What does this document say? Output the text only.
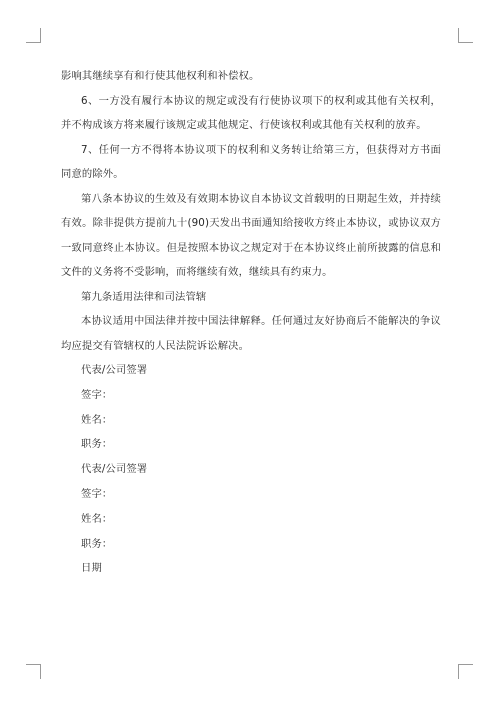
影响其继续享有和行使其他权利和补偿权。

6、一方没有履行本协议的规定或没有行使协议项下的权利或其他有关权利，并不构成该方将来履行该规定或其他规定、行使该权利或其他有关权利的放弃。

7、任何一方不得将本协议项下的权利和义务转让给第三方，但获得对方书面同意的除外。

第八条本协议的生效及有效期本协议自本协议文首载明的日期起生效，并持续有效。除非提供方提前九十(90)天发出书面通知给接收方终止本协议，或协议双方一致同意终止本协议。但是按照本协议之规定对于在本协议终止前所披露的信息和文件的义务将不受影响，而将继续有效，继续具有约束力。

第九条适用法律和司法管辖

本协议适用中国法律并按中国法律解释。任何通过友好协商后不能解决的争议均应提交有管辖权的人民法院诉讼解决。

代表/公司签署

签字：

姓名：

职务：

代表/公司签署

签字：

姓名：

职务：

日期
